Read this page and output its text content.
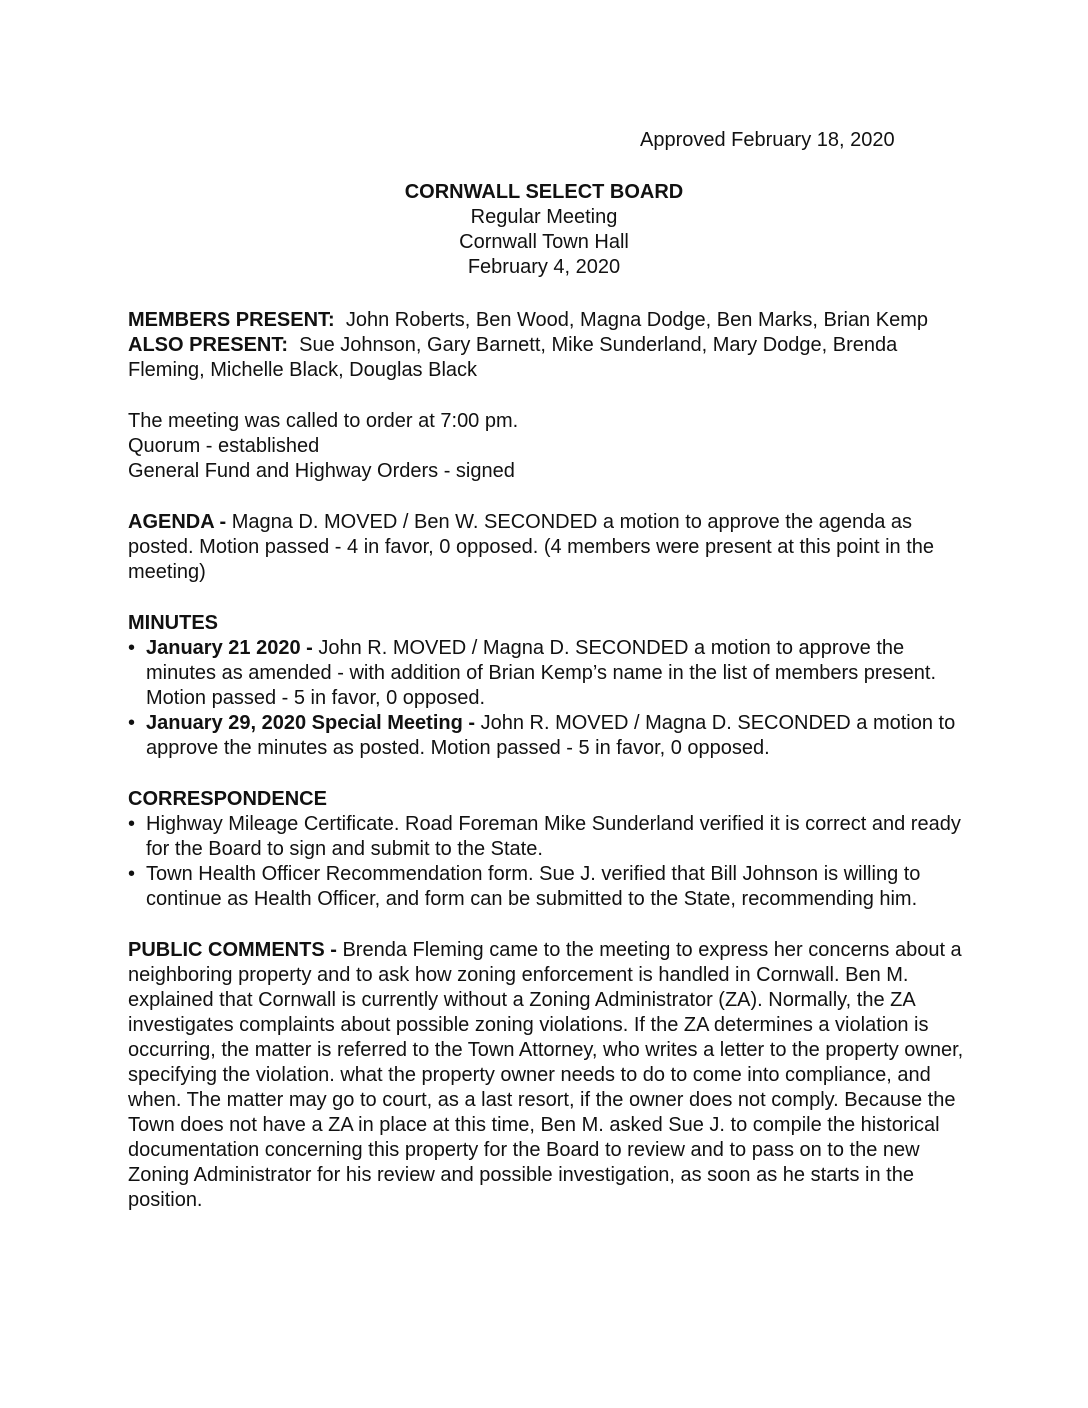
Approved February 18, 2020
CORNWALL SELECT BOARD
Regular Meeting
Cornwall Town Hall
February 4, 2020

MEMBERS PRESENT: John Roberts, Ben Wood, Magna Dodge, Ben Marks, Brian Kemp

ALSO PRESENT: Sue Johnson, Gary Barnett, Mike Sunderland, Mary Dodge, Brenda Fleming, Michelle Black, Douglas Black

The meeting was called to order at 7:00 pm.

Quorum - established

General Fund and Highway Orders - signed

AGENDA - Magna D. MOVED / Ben W. SECONDED a motion to approve the agenda as posted. Motion passed - 4 in favor, 0 opposed. (4 members were present at this point in the meeting)

MINUTES

• January 21 2020 - John R. MOVED / Magna D. SECONDED a motion to approve the minutes as amended - with addition of Brian Kemp’s name in the list of members present. Motion passed - 5 in favor, 0 opposed.
• January 29, 2020 Special Meeting - John R. MOVED / Magna D. SECONDED a motion to approve the minutes as posted. Motion passed - 5 in favor, 0 opposed.

CORRESPONDENCE

• Highway Mileage Certificate. Road Foreman Mike Sunderland verified it is correct and ready for the Board to sign and submit to the State.
• Town Health Officer Recommendation form. Sue J. verified that Bill Johnson is willing to continue as Health Officer, and form can be submitted to the State, recommending him.

PUBLIC COMMENTS - Brenda Fleming came to the meeting to express her concerns about a neighboring property and to ask how zoning enforcement is handled in Cornwall. Ben M. explained that Cornwall is currently without a Zoning Administrator (ZA). Normally, the ZA investigates complaints about possible zoning violations. If the ZA determines a violation is occurring, the matter is referred to the Town Attorney, who writes a letter to the property owner, specifying the violation. what the property owner needs to do to come into compliance, and when. The matter may go to court, as a last resort, if the owner does not comply. Because the Town does not have a ZA in place at this time, Ben M. asked Sue J. to compile the historical documentation concerning this property for the Board to review and to pass on to the new Zoning Administrator for his review and possible investigation, as soon as he starts in the position.
